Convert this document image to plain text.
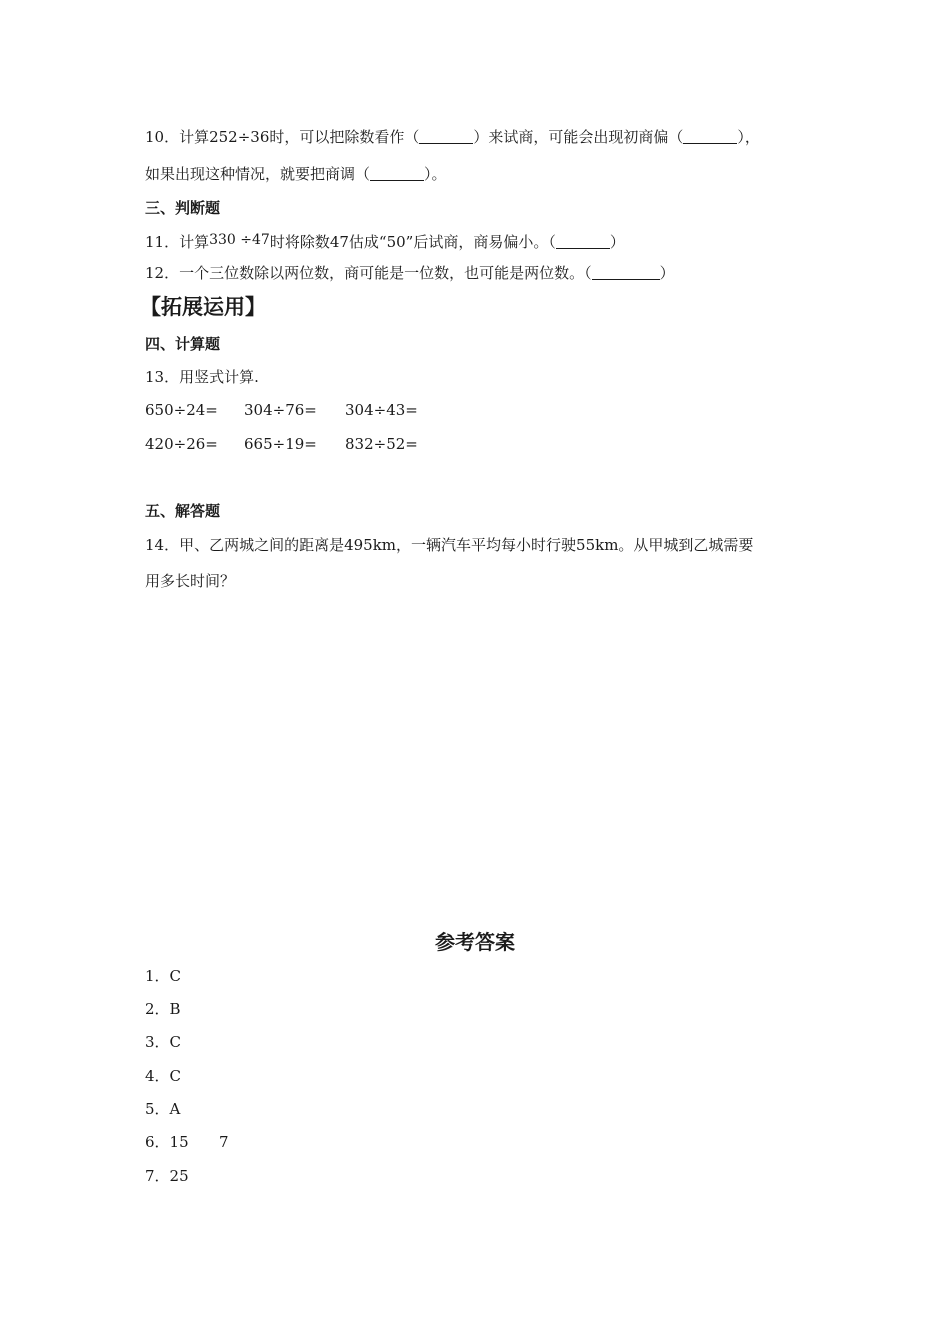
10．计算252÷36时，可以把除数看作（	）来试商，可能会出现初商偏（	），
如果出现这种情况，就要把商调（	）。
三、判断题
11．计算330 ÷47时将除数47估成“50”后试商，商易偏小。（	）
12．一个三位数除以两位数，商可能是一位数，也可能是两位数。（	）
【拓展运用】
四、计算题
13．用竖式计算.
650÷24= 304÷76= 304÷43=
420÷26= 665÷19= 832÷52=
五、解答题
14．甲、乙两城之间的距离是495km，一辆汽车平均每小时行驶55km。从甲城到乙城需要
用多长时间？
参考答案
1．C
2．B
3．C
4．C
5．A
6．15 7
7．25
